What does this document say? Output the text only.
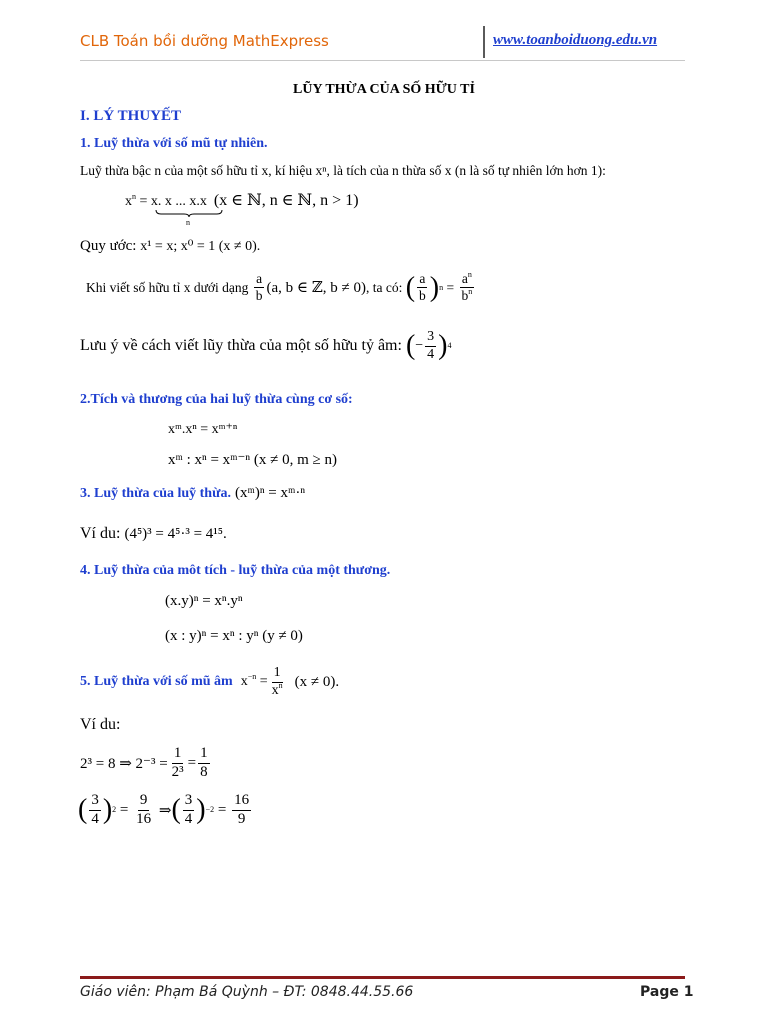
CLB Toán bồi dưỡng MathExpress	www.toanboiduong.edu.vn
LŨY THỪA CỦA SỐ HỮU TỈ
I. LÝ THUYẾT
1. Luỹ thừa với số mũ tự nhiên.
Luỹ thừa bậc n của một số hữu tỉ x, kí hiệu xⁿ, là tích của n thừa số x (n là số tự nhiên lớn hơn 1):
$x^n = x$. x ... x.x (x ∈ ℕ, n ∈ ℕ, n > 1)
n
Quy ước: x¹ = x; x⁰ = 1 (x ≠ 0).
Khi viết số hữu tỉ x dưới dạng
$\frac{a}{b} (a$, b ∈ ℤ, b ≠ 0) , ta có:
( $\frac{a}{b}$ ) $n = \frac{a^n}{b^n}$
Lưu ý về cách viết lũy thừa của một số hữu tỷ âm:
( − $\frac{3}{4}$ ) 4
2.Tích và thương của hai luỹ thừa cùng cơ số:
xᵐ.xⁿ = xᵐ⁺ⁿ
xᵐ : xⁿ = xᵐ⁻ⁿ (x ≠ 0, m ≥ n)
3. Luỹ thừa của luỹ thừa. (xᵐ)ⁿ = xᵐ·ⁿ
Ví du: (4⁵)³ = 4⁵·³ = 4¹⁵.
4. Luỹ thừa của môt tích - luỹ thừa của một thương.
(x.y)ⁿ = xⁿ.yⁿ
(x : y)ⁿ = xⁿ : yⁿ (y ≠ 0)
5. Luỹ thừa với số mũ âm
$x^{-n} = \frac{1}{x^n}$
(x ≠ 0).
Ví du:
2³ = 8 ⇒ $2^{-3} = \frac{1}{\text{2³}} = \frac{1}{8}$
( $\frac{3}{4}$ ) $2 = \frac{9}{16}$ ⇒ ( $\frac{3}{4}$ ) $-2 = \frac{16}{9}$
Giáo viên: Phạm Bá Quỳnh – ĐT: 0848.44.55.66	Page 1
